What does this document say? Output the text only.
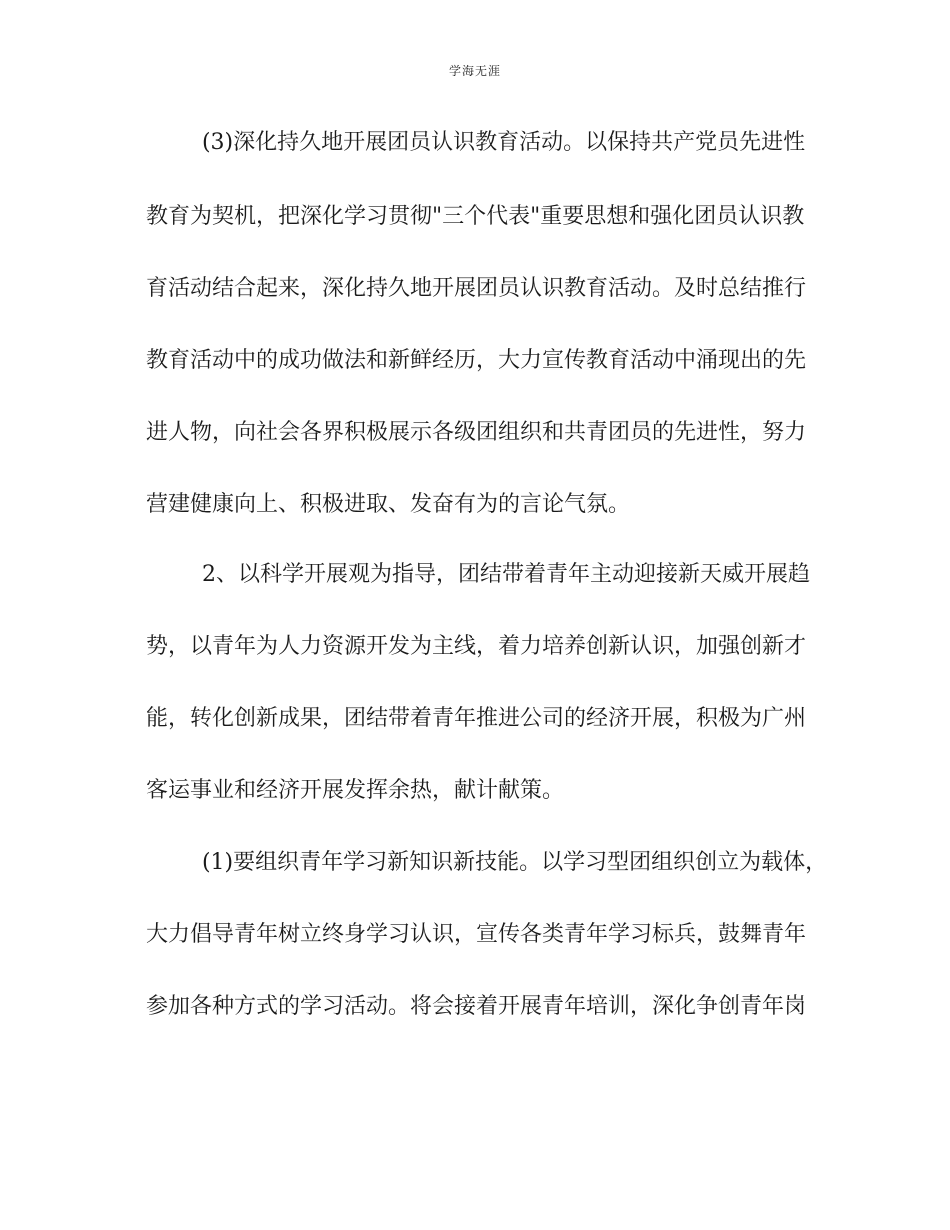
学海无涯
(3)深化持久地开展团员认识教育活动。以保持共产党员先进性
教育为契机，把深化学习贯彻"三个代表"重要思想和强化团员认识教
育活动结合起来，深化持久地开展团员认识教育活动。及时总结推行
教育活动中的成功做法和新鲜经历，大力宣传教育活动中涌现出的先
进人物，向社会各界积极展示各级团组织和共青团员的先进性，努力
营建健康向上、积极进取、发奋有为的言论气氛。
2、以科学开展观为指导，团结带着青年主动迎接新天威开展趋
势，以青年为人力资源开发为主线，着力培养创新认识，加强创新才
能，转化创新成果，团结带着青年推进公司的经济开展，积极为广州
客运事业和经济开展发挥余热，献计献策。
(1)要组织青年学习新知识新技能。以学习型团组织创立为载体，
大力倡导青年树立终身学习认识，宣传各类青年学习标兵，鼓舞青年
参加各种方式的学习活动。将会接着开展青年培训，深化争创青年岗
